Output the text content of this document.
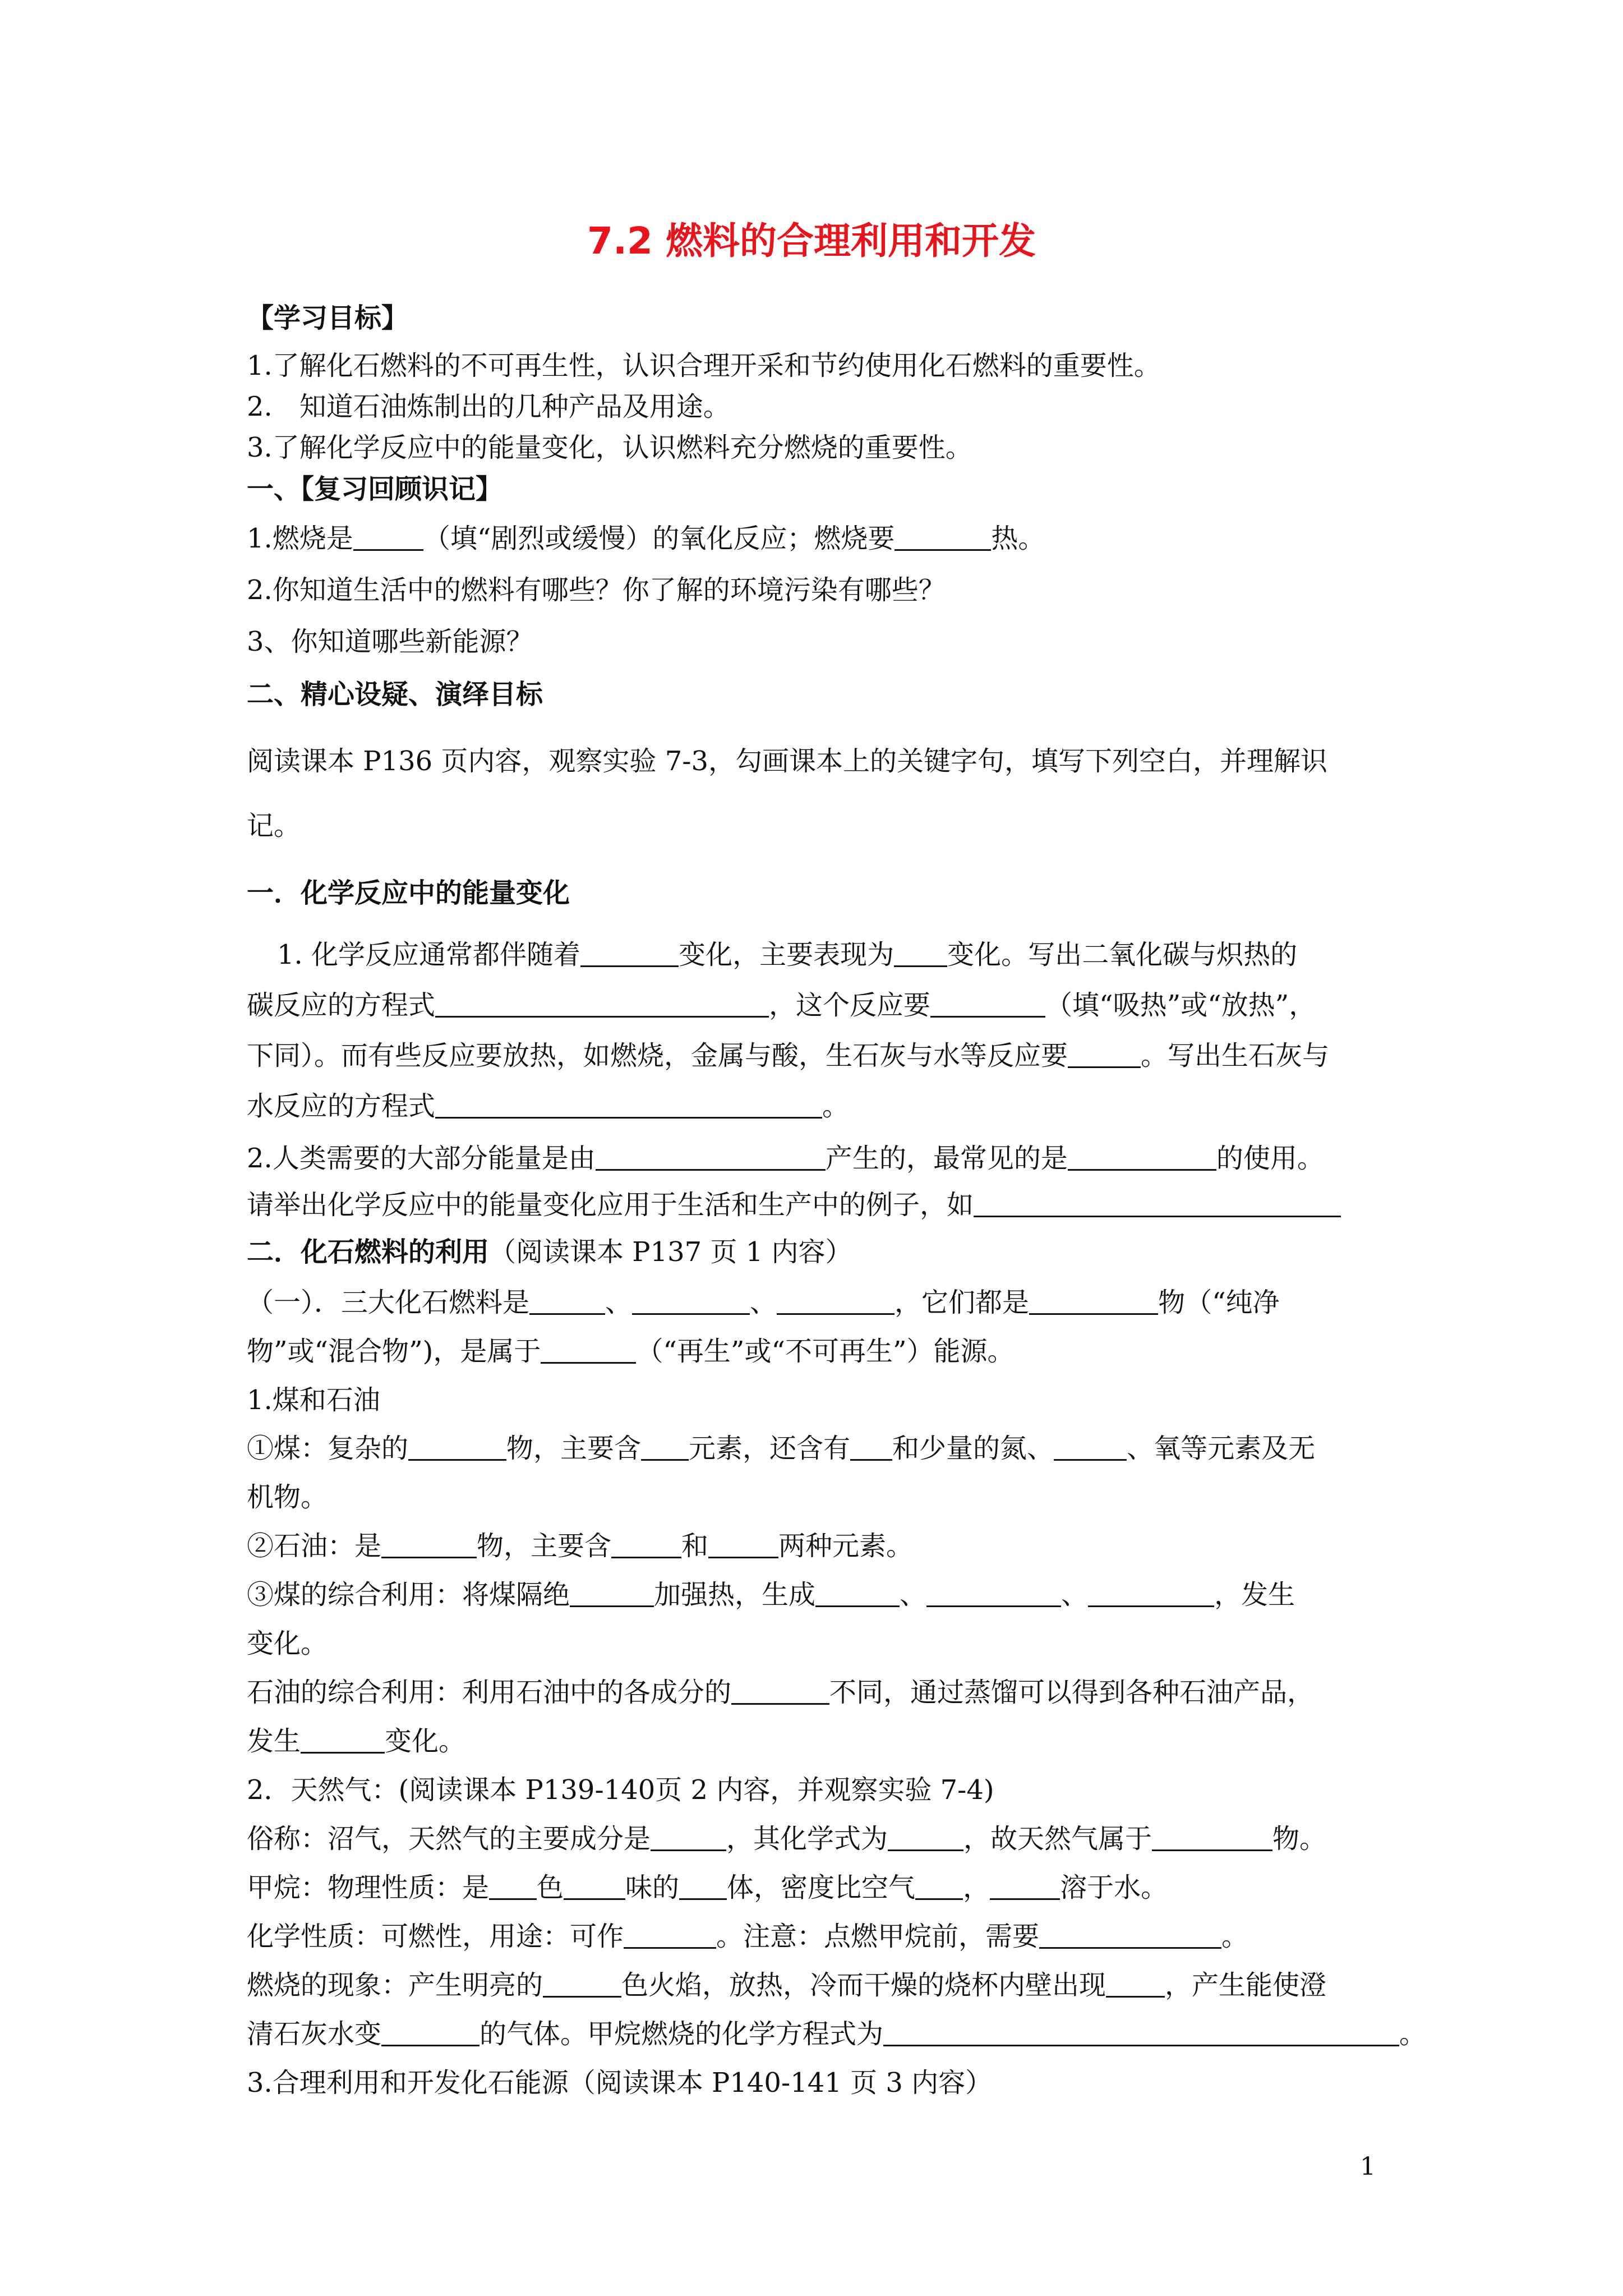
7.2 燃料的合理利用和开发
【学习目标】
1.了解化石燃料的不可再生性，认识合理开采和节约使用化石燃料的重要性。
2.　知道石油炼制出的几种产品及用途。
3.了解化学反应中的能量变化，认识燃料充分燃烧的重要性。
一、【复习回顾识记】
1.燃烧是	（填“剧烈或缓慢）的氧化反应；燃烧要	热。
2.你知道生活中的燃料有哪些？你了解的环境污染有哪些？
3、你知道哪些新能源？
二、精心设疑、演绎目标
阅读课本 P136 页内容，观察实验 7-3，勾画课本上的关键字句，填写下列空白，并理解识
记。
一．化学反应中的能量变化
1. 化学反应通常都伴随着	变化，主要表现为 变化。写出二氧化碳与炽热的
碳反应的方程式	，这个反应要	（填“吸热”或“放热”，
下同）。而有些反应要放热，如燃烧，金属与酸，生石灰与水等反应要	。写出生石灰与
水反应的方程式	。
2.人类需要的大部分能量是由	产生的，最常见的是	的使用。
请举出化学反应中的能量变化应用于生活和生产中的例子，如
二．化石燃料的利用（阅读课本 P137 页 1 内容）
（一）．三大化石燃料是	、	、	，它们都是	物（“纯净
物”或“混合物”)，是属于	（“再生”或“不可再生”）能源。
1.煤和石油
①煤：复杂的	物，主要含 元素，还含有 和少量的氮、	、氧等元素及无
机物。
②石油：是	物，主要含	和	两种元素。
③煤的综合利用：将煤隔绝	加强热，生成	、	、	，发生
变化。
石油的综合利用：利用石油中的各成分的	不同，通过蒸馏可以得到各种石油产品，
发生	变化。
2．天然气：(阅读课本 P139-140页 2 内容，并观察实验 7-4)
俗称：沼气，天然气的主要成分是	，其化学式为	，故天然气属于	物。
甲烷：物理性质：是 色 味的 体，密度比空气 ，	溶于水。
化学性质：可燃性，用途：可作	。注意：点燃甲烷前，需要	。
燃烧的现象：产生明亮的	色火焰，放热，冷而干燥的烧杯内壁出现 ，产生能使澄
清石灰水变	的气体。甲烷燃烧的化学方程式为	。
3.合理利用和开发化石能源（阅读课本 P140-141 页 3 内容）
1
